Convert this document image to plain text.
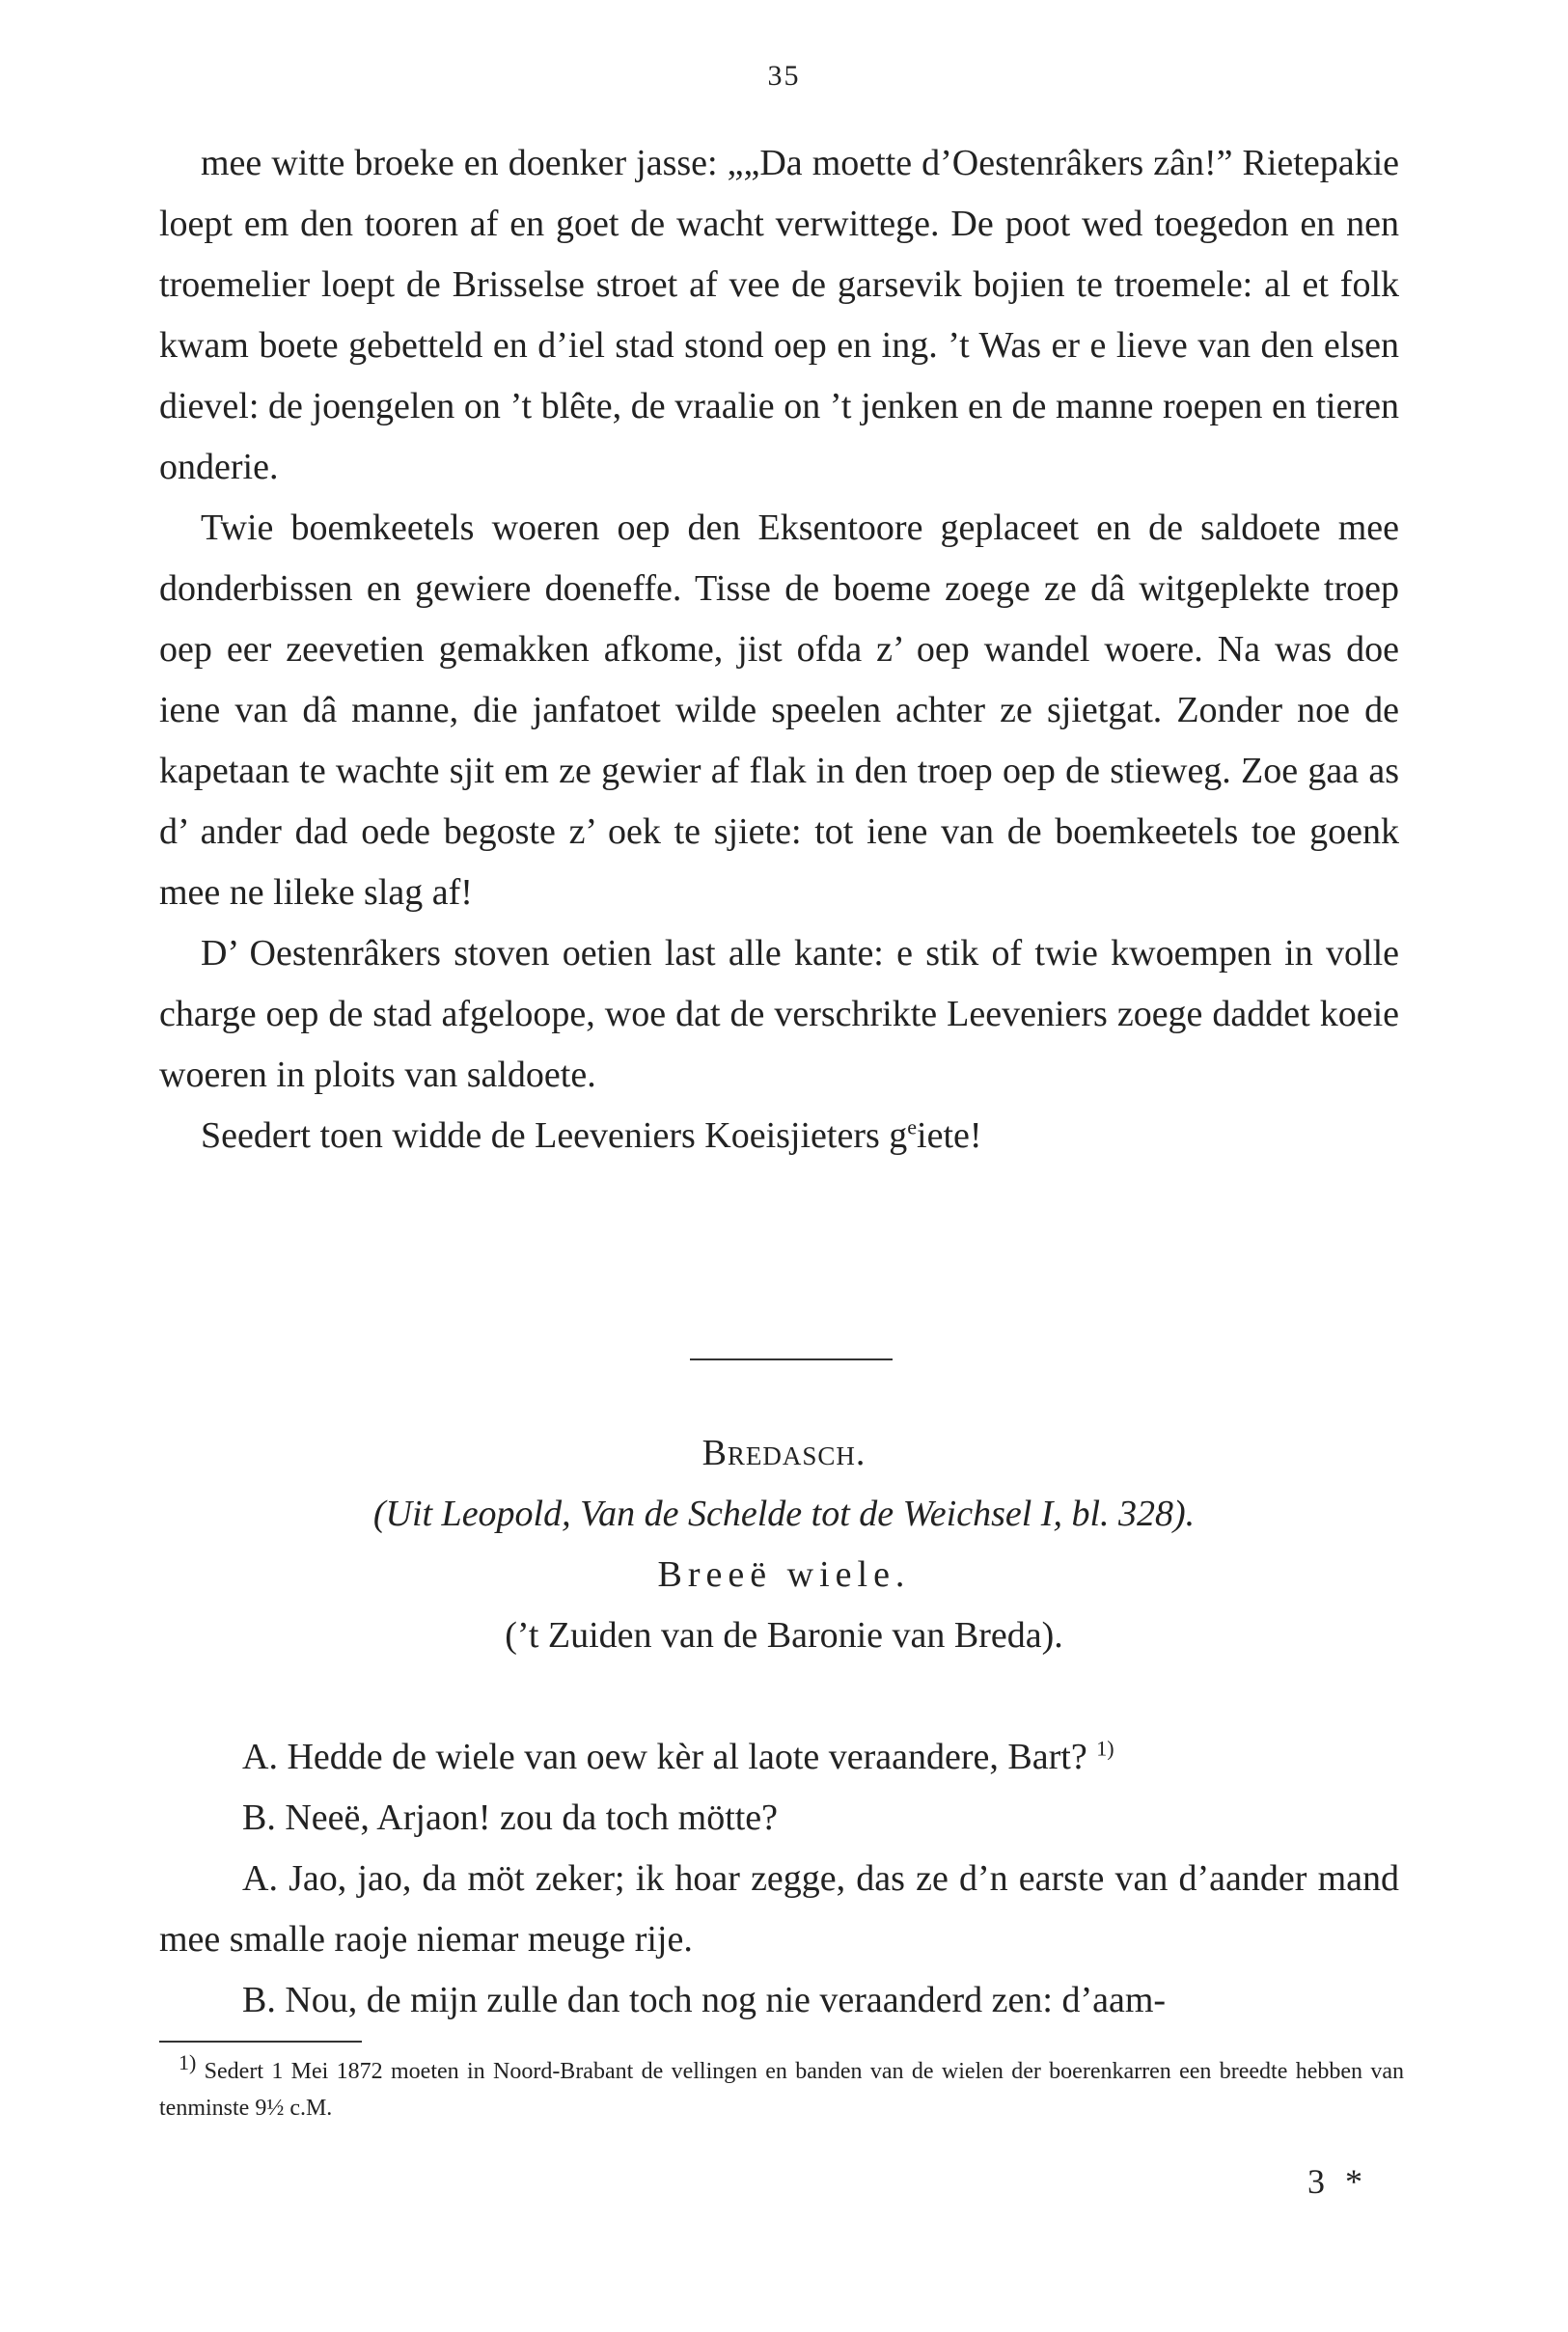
35

mee witte broeke en doenker jasse: „„Da moette d’Oestenrâkers zân!” Rietepakie loept em den tooren af en goet de wacht verwittege. De poot wed toegedon en nen troemelier loept de Brisselse stroet af vee de garsevik bojien te troemele: al et folk kwam boete gebetteld en d’iel stad stond oep en ing. ’t Was er e lieve van den elsen dievel: de joengelen on ’t blête, de vraalie on ’t jenken en de manne roepen en tieren onderie.

Twie boemkeetels woeren oep den Eksentoore geplaceet en de saldoete mee donderbissen en gewiere doeneffe. Tisse de boeme zoege ze dâ witgeplekte troep oep eer zeevetien gemakken afkome, jist ofda z’ oep wandel woere. Na was doe iene van dâ manne, die janfatoet wilde speelen achter ze sjietgat. Zonder noe de kapetaan te wachte sjit em ze gewier af flak in den troep oep de stieweg. Zoe gaa as d’ ander dad oede begoste z’ oek te sjiete: tot iene van de boemkeetels toe goenk mee ne lileke slag af!

D’ Oestenrâkers stoven oetien last alle kante: e stik of twie kwoempen in volle charge oep de stad afgeloope, woe dat de verschrikte Leeveniers zoege daddet koeie woeren in ploits van saldoete.

Seedert toen widde de Leeveniers Koeisjieters $g^eiete$!

Bredasch.
(Uit Leopold, Van de Schelde tot de Weichsel I, bl. 328).
Breeë wiele.
(’t Zuiden van de Baronie van Breda).

A. Hedde de wiele van oew kèr al laote veraandere, Bart? $^{1)}$

B. Neeë, Arjaon! zou da toch mötte?

A. Jao, jao, da möt zeker; ik hoar zegge, das ze d’n earste van d’aander mand mee smalle raoje niemar meuge rije.

B. Nou, de mijn zulle dan toch nog nie veraanderd zen: d’aam-

$^{1)}$ Sedert 1 Mei 1872 moeten in Noord-Brabant de vellingen en banden van de wielen der boerenkarren een breedte hebben van tenminste 9½ c.M.
3 *
